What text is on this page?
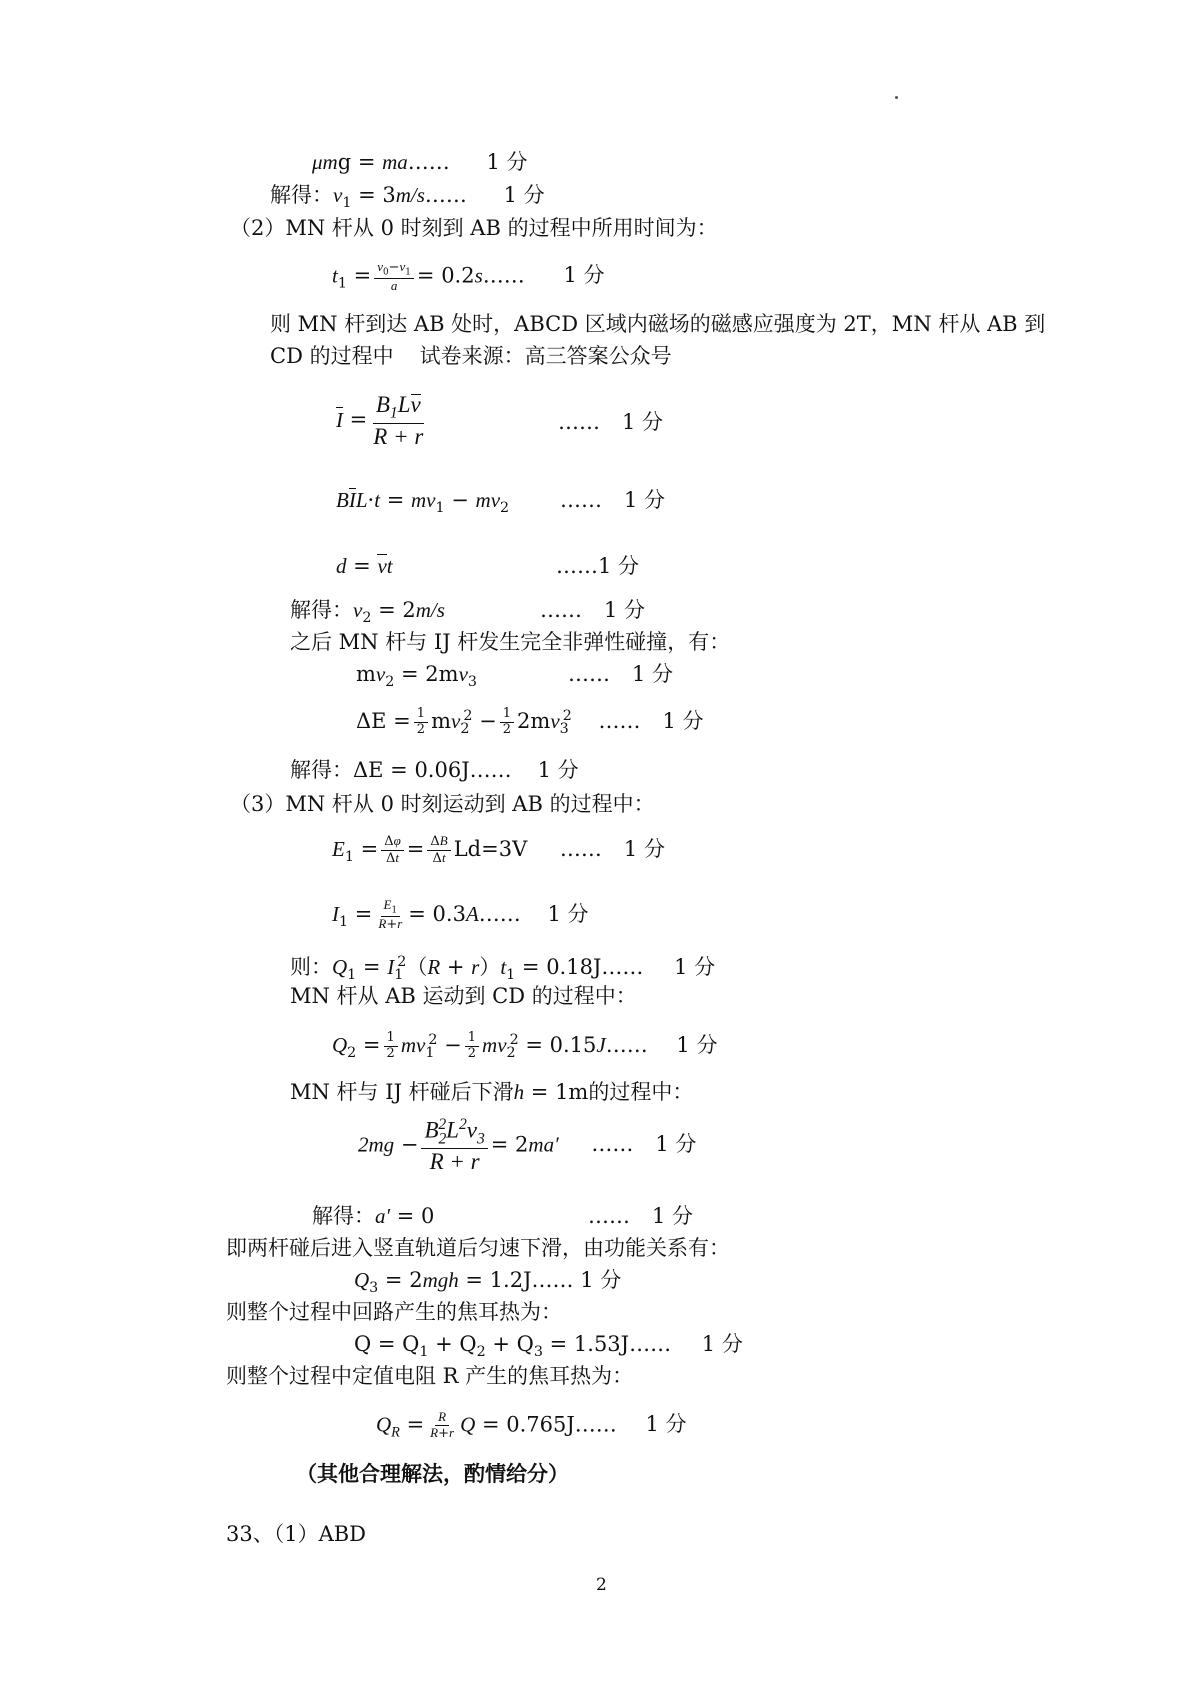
μmg = ma…… 1 分
解得：$v_1$ = 3m/s…… 1 分
（2）MN 杆从 0 时刻到 AB 的过程中所用时间为：
$t_1 = \frac{v_0-v_1}{a}$ = 0.2s…… 1 分
则 MN 杆到达 AB 处时，ABCD 区域内磁场的磁感应强度为 2T，MN 杆从 AB 到
CD 的过程中 试卷来源：高三答案公众号
$I = \frac{B_1Lv}{R + r}$	…… 1 分
$BIL\cdot t = mv_1 - mv_2$ …… 1 分
d = vt	……1 分
解得：$v_2 = 2m/s$	…… 1 分
之后 MN 杆与 IJ 杆发生完全非弹性碰撞，有：
$mv_2 = 2mv_3$	…… 1 分
$\Delta E = \frac{1}{2} mv_2^2 - \frac{1}{2} 2mv_3^2$ …… 1 分
解得：ΔE = 0.06J…… 1 分
（3）MN 杆从 0 时刻运动到 AB 的过程中：
$E_1 = \frac{\Delta\varphi}{\Delta t} = \frac{\Delta B}{\Delta t} Ld=3V$ …… 1 分
$I_1 = \frac{E_1}{R+r}$ = 0.3A…… 1 分
则：$Q_1 = I_1^2(R + r)t_1$ = 0.18J…… 1 分
MN 杆从 AB 运动到 CD 的过程中：
$Q_2 = \frac{1}{2} mv_1^2 - \frac{1}{2} mv_2^2$ = 0.15J…… 1 分
MN 杆与 IJ 杆碰后下滑h = 1m的过程中：
$2mg - \frac{B_2^2L^2v_3}{R + r} = 2ma'$ …… 1 分
解得：a′ = 0	…… 1 分
即两杆碰后进入竖直轨道后匀速下滑，由功能关系有：
$Q_3 = 2mgh$ = 1.2J…… 1 分
则整个过程中回路产生的焦耳热为：
$Q = Q_1 + Q_2 + Q_3$ = 1.53J…… 1 分
则整个过程中定值电阻 R 产生的焦耳热为：
$Q_R = \frac{R}{R+r}$ Q = 0.765J…… 1 分
（其他合理解法，酌情给分）
33、（1）ABD
2
